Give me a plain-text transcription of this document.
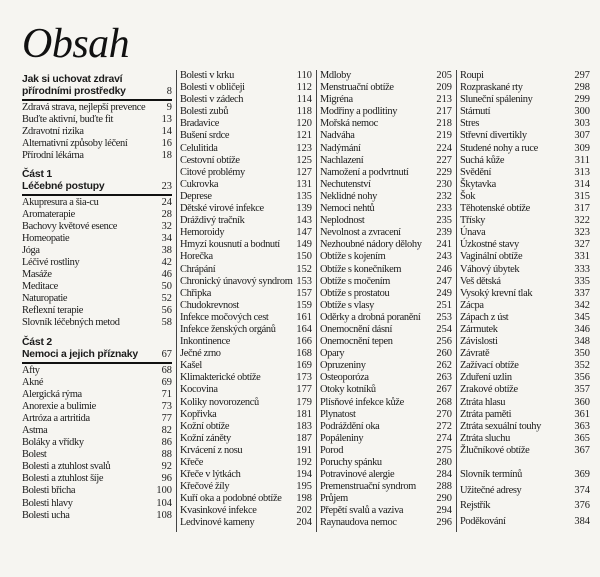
Obsah
Jak si uchovat zdraví
přírodními prostředky	8
Zdravá strava, nejlepší prevence 9
Buďte aktivní, buďte fit	13
Zdravotní rizika	14
Alternativní způsoby léčení	16
Přírodní lékárna	18
Část 1
Léčebné postupy	23
Akupresura a šia-cu	24
Aromaterapie	28
Bachovy květové esence	32
Homeopatie	34
Jóga	38
Léčivé rostliny	42
Masáže	46
Meditace	50
Naturopatie	52
Reflexní terapie	56
Slovník léčebných metod	58
Část 2
Nemoci a jejich příznaky 67
Afty	68
Akné	69
Alergická rýma	71
Anorexie a bulimie	73
Artróza a artritida	77
Astma	82
Boláky a vřídky	86
Bolest	88
Bolesti a ztuhlost svalů	92
Bolesti a ztuhlost šíje	96
Bolesti břicha	100
Bolesti hlavy	104
Bolesti ucha	108
Bolesti v krku	110
Bolesti v obličeji	112
Bolesti v zádech	114
Bolesti zubů	118
Bradavice	120
Bušení srdce	121
Celulitida	123
Cestovní obtíže	125
Citové problémy	127
Cukrovka	131
Deprese	135
Dětské virové infekce	139
Dráždivý tračník	143
Hemoroidy	147
Hmyzí kousnutí a bodnutí 149
Horečka	150
Chrápání	152
Chronický únavový syndrom 153
Chřipka	157
Chudokrevnost	159
Infekce močových cest	161
Infekce ženských orgánů 164
Inkontinence	166
Ječné zrno	168
Kašel	169
Klimakterické obtíže	173
Kocovina	177
Koliky novorozenců	179
Kopřivka	181
Kožní obtíže	183
Kožní záněty	187
Krvácení z nosu	191
Křeče	192
Křeče v lýtkách	194
Křečové žíly	195
Kuří oka a podobné obtíže 198
Kvasinkové infekce	202
Ledvinové kameny	204
Mdloby	205
Menstruační obtíže	209
Migréna	213
Modřiny a podlitiny	217
Mořská nemoc	218
Nadváha	219
Nadýmání	224
Nachlazení	227
Namožení a podvrtnutí	229
Nechutenství	230
Neklidné nohy	232
Nemoci nehtů	233
Neplodnost	235
Nevolnost a zvracení	239
Nezhoubné nádory dělohy 241
Obtíže s kojením	243
Obtíže s konečníkem	246
Obtíže s močením	247
Obtíže s prostatou	249
Obtíže s vlasy	251
Oděrky a drobná poranění 253
Onemocnění dásní	254
Onemocnění tepen	256
Opary	260
Opruzeniny	262
Osteoporóza	263
Otoky kotníků	267
Plísňové infekce kůže	268
Plynatost	270
Podráždění oka	272
Popáleniny	274
Porod	275
Poruchy spánku	280
Potravinové alergie	284
Premenstruační syndrom 288
Průjem	290
Přepětí svalů a vaziva	294
Raynaudova nemoc	296
Roupi	297
Rozpraskané rty	298
Sluneční spáleniny	299
Stárnutí	300
Stres	303
Střevní divertikly	307
Studené nohy a ruce	309
Suchá kůže	311
Svědění	313
Škytavka	314
Šok	315
Těhotenské obtíže	317
Třísky	322
Únava	323
Úzkostné stavy	327
Vaginální obtíže	331
Váhový úbytek	333
Veš dětská	335
Vysoký krevní tlak	337
Zácpa	342
Zápach z úst	345
Zármutek	346
Závislosti	348
Závratě	350
Zažívací obtíže	352
Zduření uzlin	356
Zrakové obtíže	357
Ztráta hlasu	360
Ztráta paměti	361
Ztráta sexuální touhy	363
Ztráta sluchu	365
Žlučníkové obtíže	367
Slovník termínů	369
Užitečné adresy	374
Rejstřík	376
Poděkování	384
